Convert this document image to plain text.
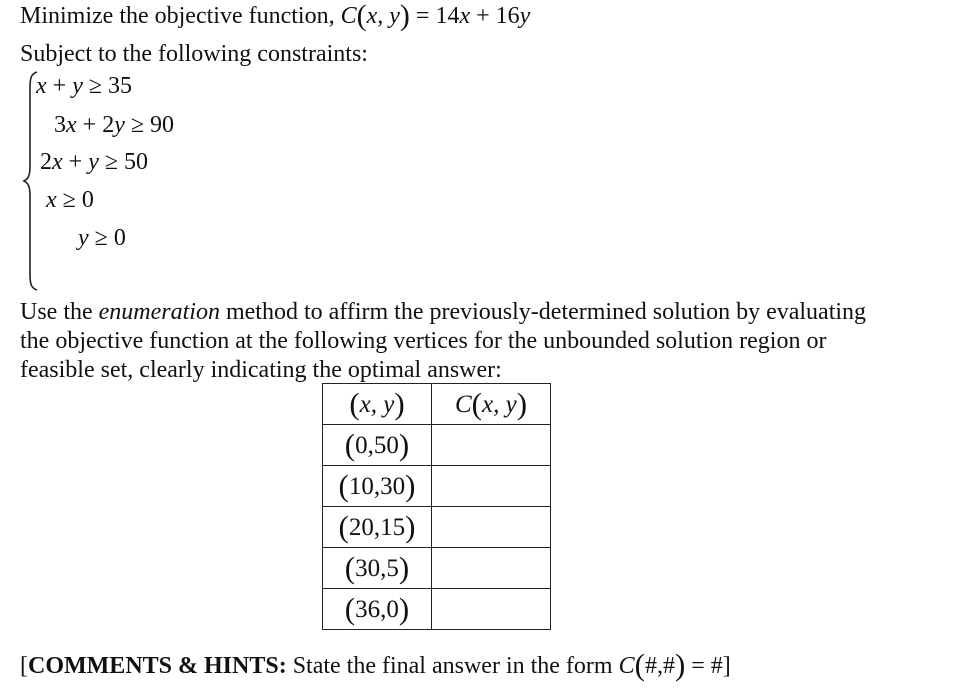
Minimize the objective function, C(x, y) = 14x + 16y
Subject to the following constraints:
x + y ≥ 35
3x + 2y ≥ 90
2x + y ≥ 50
x ≥ 0
y ≥ 0
Use the enumeration method to affirm the previously-determined solution by evaluating
the objective function at the following vertices for the unbounded solution region or
feasible set, clearly indicating the optimal answer:
(x, y)	C(x, y)
(0,50)	
(10,30)	
(20,15)	
(30,5)	
(36,0)	
[COMMENTS & HINTS: State the final answer in the form C(#,#) = #]
